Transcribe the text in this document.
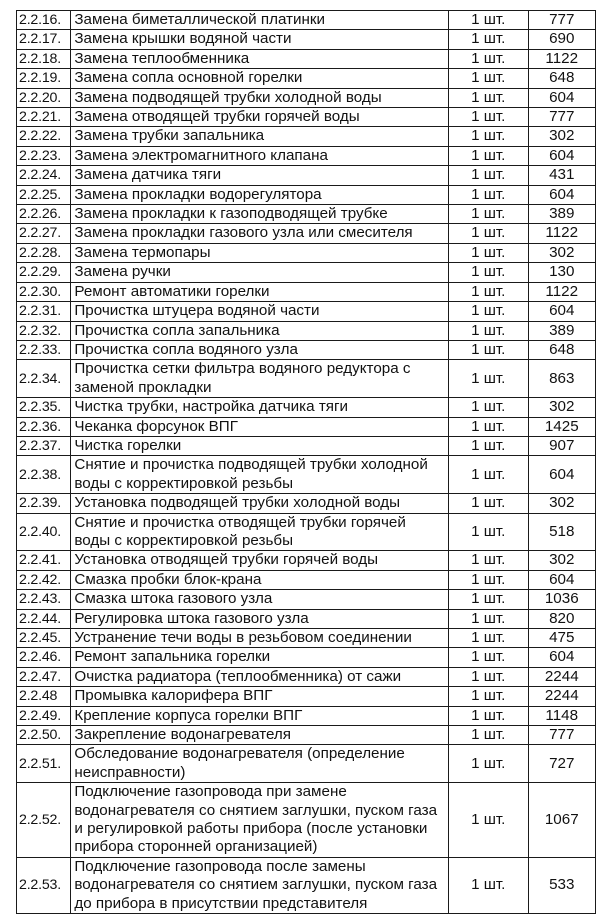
2.2.16.	Замена биметаллической платинки	1 шт.	777
2.2.17.	Замена крышки водяной части	1 шт.	690
2.2.18.	Замена теплообменника	1 шт.	1122
2.2.19.	Замена сопла основной горелки	1 шт.	648
2.2.20.	Замена подводящей трубки холодной воды	1 шт.	604
2.2.21.	Замена отводящей трубки горячей воды	1 шт.	777
2.2.22.	Замена трубки запальника	1 шт.	302
2.2.23.	Замена электромагнитного клапана	1 шт.	604
2.2.24.	Замена датчика тяги	1 шт.	431
2.2.25.	Замена прокладки водорегулятора	1 шт.	604
2.2.26.	Замена прокладки к газоподводящей трубке	1 шт.	389
2.2.27.	Замена прокладки газового узла или смесителя	1 шт.	1122
2.2.28.	Замена термопары	1 шт.	302
2.2.29.	Замена ручки	1 шт.	130
2.2.30.	Ремонт автоматики горелки	1 шт.	1122
2.2.31.	Прочистка штуцера водяной части	1 шт.	604
2.2.32.	Прочистка сопла запальника	1 шт.	389
2.2.33.	Прочистка сопла водяного узла	1 шт.	648
2.2.34.	Прочистка сетки фильтра водяного редуктора с заменой прокладки	1 шт.	863
2.2.35.	Чистка трубки, настройка датчика тяги	1 шт.	302
2.2.36.	Чеканка форсунок ВПГ	1 шт.	1425
2.2.37.	Чистка горелки	1 шт.	907
2.2.38.	Снятие и прочистка подводящей трубки холодной воды с корректировкой резьбы	1 шт.	604
2.2.39.	Установка подводящей трубки холодной воды	1 шт.	302
2.2.40.	Снятие и прочистка отводящей трубки горячей воды с корректировкой резьбы	1 шт.	518
2.2.41.	Установка отводящей трубки горячей воды	1 шт.	302
2.2.42.	Смазка пробки блок-крана	1 шт.	604
2.2.43.	Смазка штока газового узла	1 шт.	1036
2.2.44.	Регулировка штока газового узла	1 шт.	820
2.2.45.	Устранение течи воды в резьбовом соединении	1 шт.	475
2.2.46.	Ремонт запальника горелки	1 шт.	604
2.2.47.	Очистка радиатора (теплообменника) от сажи	1 шт.	2244
2.2.48	Промывка калорифера ВПГ	1 шт.	2244
2.2.49.	Крепление корпуса горелки ВПГ	1 шт.	1148
2.2.50.	Закрепление водонагревателя	1 шт.	777
2.2.51.	Обследование водонагревателя (определение неисправности)	1 шт.	727
2.2.52.	Подключение газопровода при замене водонагревателя со снятием заглушки, пуском газа и регулировкой работы прибора (после установки прибора сторонней организацией)	1 шт.	1067
2.2.53.	Подключение газопровода после замены водонагревателя со снятием заглушки, пуском газа до прибора в присутствии представителя	1 шт.	533
